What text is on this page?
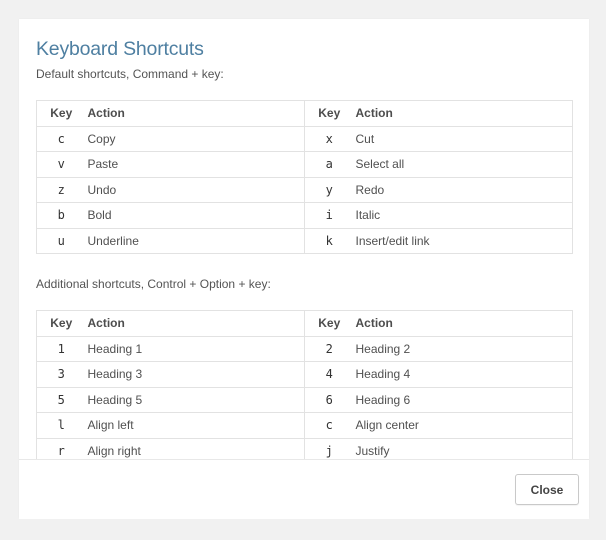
Keyboard Shortcuts
Default shortcuts, Command + key:
Key	Action	Key	Action
c	Copy	x	Cut
v	Paste	a	Select all
z	Undo	y	Redo
b	Bold	i	Italic
u	Underline	k	Insert/edit link
Additional shortcuts, Control + Option + key:
Key	Action	Key	Action
1	Heading 1	2	Heading 2
3	Heading 3	4	Heading 4
5	Heading 5	6	Heading 6
l	Align left	c	Align center
r	Align right	j	Justify
Close
